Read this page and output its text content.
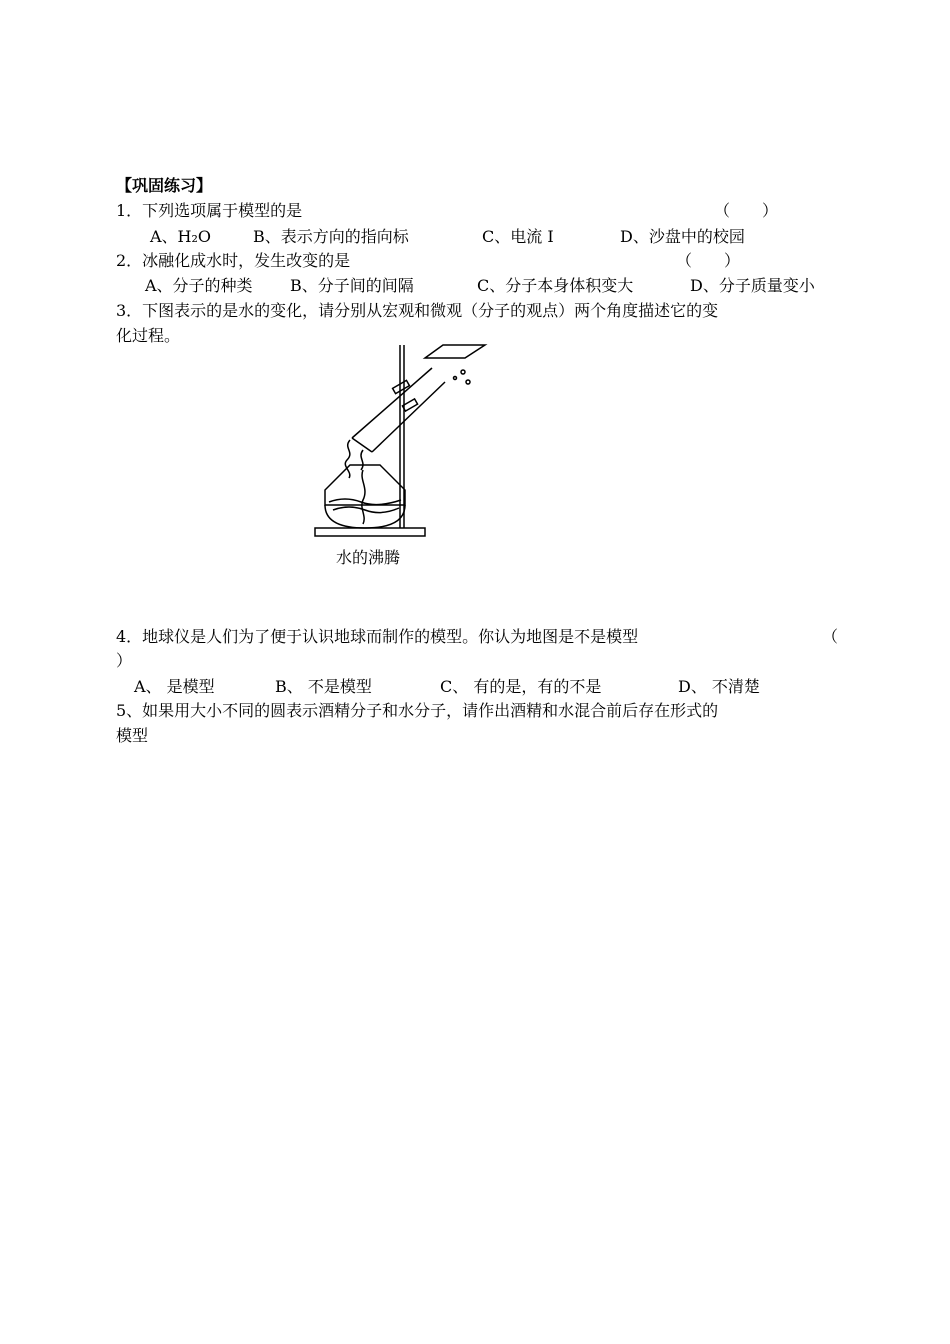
【巩固练习】
1．下列选项属于模型的是	（　　）
A、H₂O	B、表示方向的指向标	C、电流 I	D、沙盘中的校园
2．冰融化成水时，发生改变的是	（　　）
A、分子的种类 B、分子间的间隔	C、分子本身体积变大	D、分子质量变小
3．下图表示的是水的变化，请分别从宏观和微观（分子的观点）两个角度描述它的变
化过程。
水的沸腾
4．地球仪是人们为了便于认识地球而制作的模型。你认为地图是不是模型	（
）
A、 是模型	B、 不是模型	C、 有的是，有的不是	D、 不清楚
5、如果用大小不同的圆表示酒精分子和水分子，请作出酒精和水混合前后存在形式的
模型
